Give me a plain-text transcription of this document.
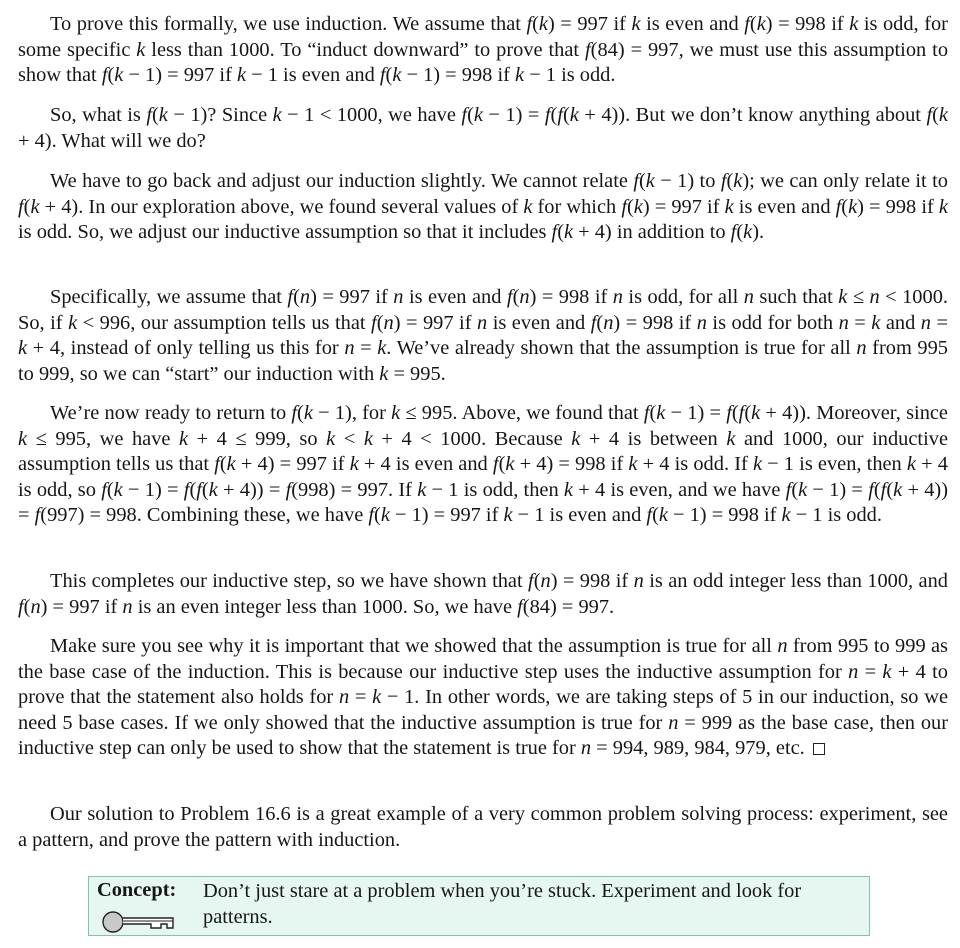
To prove this formally, we use induction. We assume that f(k) = 997 if k is even and f(k) = 998 if k is odd, for some specific k less than 1000. To “induct downward” to prove that f(84) = 997, we must use this assumption to show that f(k − 1) = 997 if k − 1 is even and f(k − 1) = 998 if k − 1 is odd.

So, what is f(k − 1)? Since k − 1 < 1000, we have f(k − 1) = f(f(k + 4)). But we don’t know anything about f(k + 4). What will we do?

We have to go back and adjust our induction slightly. We cannot relate f(k − 1) to f(k); we can only relate it to f(k + 4). In our exploration above, we found several values of k for which f(k) = 997 if k is even and f(k) = 998 if k is odd. So, we adjust our inductive assumption so that it includes f(k + 4) in addition to f(k).

Specifically, we assume that f(n) = 997 if n is even and f(n) = 998 if n is odd, for all n such that k ≤ n < 1000. So, if k < 996, our assumption tells us that f(n) = 997 if n is even and f(n) = 998 if n is odd for both n = k and n = k + 4, instead of only telling us this for n = k. We’ve already shown that the assumption is true for all n from 995 to 999, so we can “start” our induction with k = 995.

We’re now ready to return to f(k − 1), for k ≤ 995. Above, we found that f(k − 1) = f(f(k + 4)). Moreover, since k ≤ 995, we have k + 4 ≤ 999, so k < k + 4 < 1000. Because k + 4 is between k and 1000, our inductive assumption tells us that f(k + 4) = 997 if k + 4 is even and f(k + 4) = 998 if k + 4 is odd. If k − 1 is even, then k + 4 is odd, so f(k − 1) = f(f(k + 4)) = f(998) = 997. If k − 1 is odd, then k + 4 is even, and we have f(k − 1) = f(f(k + 4)) = f(997) = 998. Combining these, we have f(k − 1) = 997 if k − 1 is even and f(k − 1) = 998 if k − 1 is odd.

This completes our inductive step, so we have shown that f(n) = 998 if n is an odd integer less than 1000, and f(n) = 997 if n is an even integer less than 1000. So, we have f(84) = 997.

Make sure you see why it is important that we showed that the assumption is true for all n from 995 to 999 as the base case of the induction. This is because our inductive step uses the inductive assumption for n = k + 4 to prove that the statement also holds for n = k − 1. In other words, we are taking steps of 5 in our induction, so we need 5 base cases. If we only showed that the inductive assumption is true for n = 999 as the base case, then our inductive step can only be used to show that the statement is true for n = 994, 989, 984, 979, etc.

Our solution to Problem 16.6 is a great example of a very common problem solving process: experiment, see a pattern, and prove the pattern with induction.

Concept: Don’t just stare at a problem when you’re stuck. Experiment and look for patterns.
